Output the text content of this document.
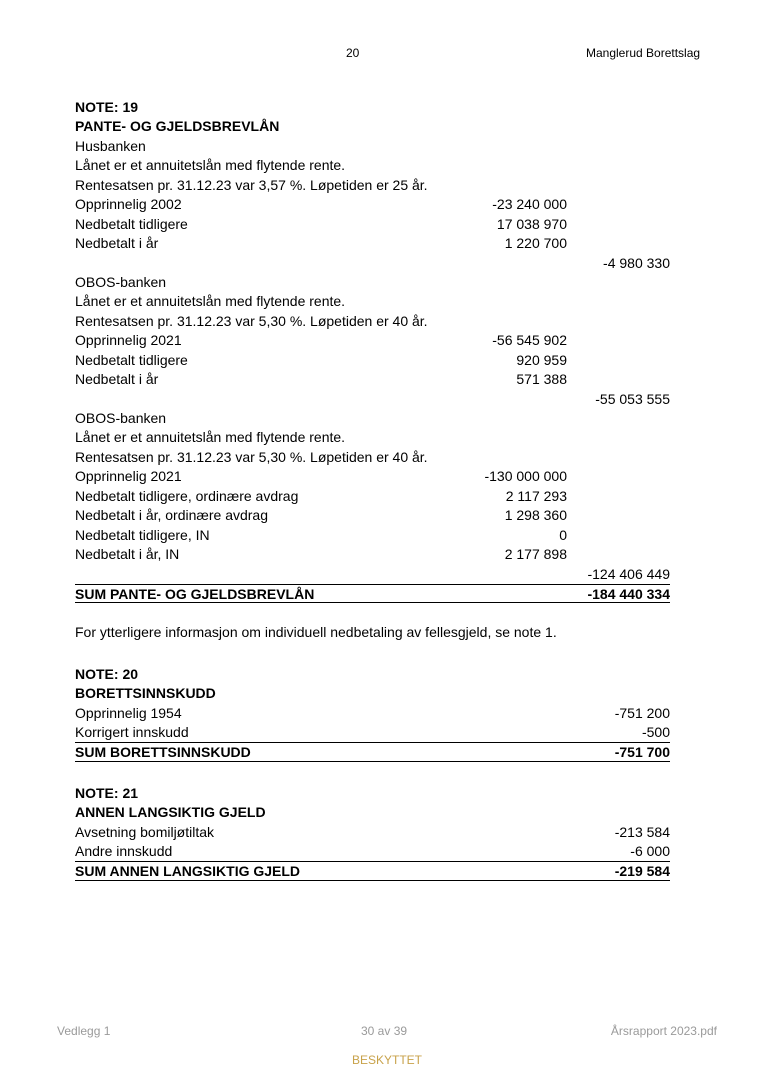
20	Manglerud Borettslag
NOTE: 19
PANTE- OG GJELDSBREVLÅN
Husbanken
Lånet er et annuitetslån med flytende rente.
Rentesatsen pr. 31.12.23 var 3,57 %. Løpetiden er 25 år.
Opprinnelig 2002	-23 240 000
Nedbetalt tidligere	17 038 970
Nedbetalt i år	1 220 700
-4 980 330
OBOS-banken
Lånet er et annuitetslån med flytende rente.
Rentesatsen pr. 31.12.23 var 5,30 %. Løpetiden er 40 år.
Opprinnelig 2021	-56 545 902
Nedbetalt tidligere	920 959
Nedbetalt i år	571 388
-55 053 555
OBOS-banken
Lånet er et annuitetslån med flytende rente.
Rentesatsen pr. 31.12.23 var 5,30 %. Løpetiden er 40 år.
Opprinnelig 2021	-130 000 000
Nedbetalt tidligere, ordinære avdrag	2 117 293
Nedbetalt i år, ordinære avdrag	1 298 360
Nedbetalt tidligere, IN	0
Nedbetalt i år, IN	2 177 898
-124 406 449
SUM PANTE- OG GJELDSBREVLÅN	-184 440 334
For ytterligere informasjon om individuell nedbetaling av fellesgjeld, se note 1.
NOTE: 20
BORETTSINNSKUDD
Opprinnelig 1954	-751 200
Korrigert innskudd	-500
SUM BORETTSINNSKUDD	-751 700
NOTE: 21
ANNEN LANGSIKTIG GJELD
Avsetning bomiljøtiltak	-213 584
Andre innskudd	-6 000
SUM ANNEN LANGSIKTIG GJELD	-219 584
Vedlegg 1	30 av 39	Årsrapport 2023.pdf
BESKYTTET
